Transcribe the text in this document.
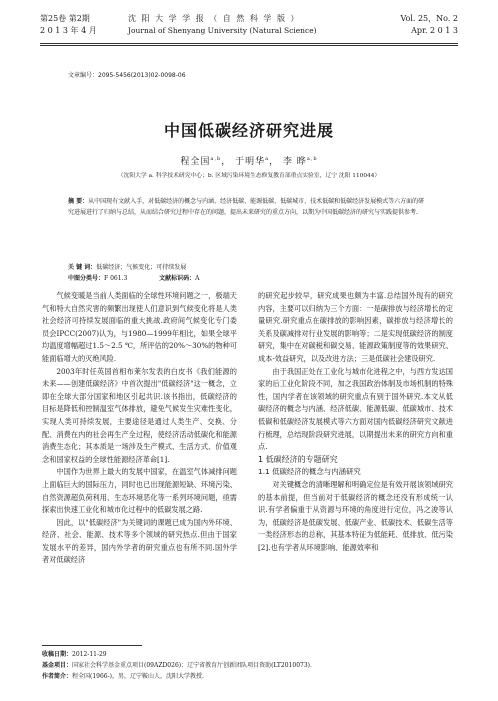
第25卷 第2期
2 0 1 3 年 4 月
沈 阳 大 学 学 报 （ 自 然 科 学 版 ）
Journal of Shenyang University (Natural Science)
Vol. 25，No. 2
Apr. 2 0 1 3
文章编号：2095-5456(2013)02-0098-06
中国低碳经济研究进展
程全国$^{a,b}$， 于明华$^a$， 李 晔$^{a,b}$
（沈阳大学 a. 科学技术研究中心；b. 区域污染环境生态修复教育部重点实验室，辽宁 沈阳 110044）
摘 要：从中国现有文献入手，对低碳经济的概念与内涵、经济低碳、能源低碳、低碳城市、技术低碳和低碳经济发展模式等六方面的研究进展进行了归纳与总结，从而结合研究过程中存在的问题，提出未来研究的重点方向，以期为中国低碳经济的研究与实践提供参考.
关 键 词：低碳经济；气候变化；可持续发展
中图分类号：F 061.3	文献标识码：A

气候变暖是当前人类面临的全球性环境问题之一，极端天气和特大自然灾害的频繁出现使人们意识到气候变化将是人类社会经济可持续发展面临的重大挑战.政府间气候变化专门委员会IPCC(2007)认为，与1980—1999年相比，如果全球平均温度增幅超过1.5～2.5 ℃，所评估的20%～30%的物种可能面临增大的灭绝风险.

2003年时任英国首相布莱尔发表的白皮书《我们能源的未来——创建低碳经济》中首次提出"低碳经济"这一概念，立即在全球大部分国家和地区引起共识.该书指出，低碳经济的目标是降低和控制温室气体排放，避免气候发生灾难性变化，实现人类可持续发展，主要途径是通过人类生产、交换、分配、消费在内的社会再生产全过程，使经济活动低碳化和能源消费生态化；其本质是一场涉及生产模式、生活方式、价值观念和国家权益的全球性能源经济革命[1].

中国作为世界上最大的发展中国家，在温室气体减排问题上面临巨大的国际压力，同时也已出现能源短缺、环境污染、自然资源超负荷利用、生态环境恶化等一系列环境问题，亟需探索出快速工业化和城市化过程中的低碳发展之路.

因此，以"低碳经济"为关键词的课题已成为国内外环境、经济、社会、能源、技术等多个领域的研究热点.但由于国家发展水平的差异，国内外学者的研究重点也有所不同.国外学者对低碳经济

的研究起步较早，研究成果也颇为丰富.总结国外现有的研究内容，主要可以归纳为三个方面：一是碳排放与经济增长的定量研究.研究重点在碳排放的影响因素，碳排放与经济增长的关系及碳减排对行业发展的影响等；二是实现低碳经济的制度研究，集中在对碳税和碳交易、能源政策制度等的效果研究、成本-效益研究，以及改进方法；三是低碳社会建设研究.

由于我国正处在工业化与城市化进程之中，与西方发达国家的后工业化阶段不同，加之我国政治体制及市场机制的特殊性，国内学者在该领域的研究重点有别于国外研究.本文从低碳经济的概念与内涵、经济低碳、能源低碳、低碳城市、技术低碳和低碳经济发展模式等六方面对国内低碳经济研究文献进行梳理，总结现阶段研究进展，以期提出未来的研究方向和重点.

1 低碳经济的专题研究

1.1 低碳经济的概念与内涵研究

对关键概念的清晰理解和明确定位是有效开展该领域研究的基本前提，但当前对于低碳经济的概念还没有形成统一认识.有学者偏重于从资源与环境的角度进行定位，冯之浚等认为，低碳经济是低碳发展、低碳产业、低碳技术、低碳生活等一类经济形态的总称，其基本特征为低能耗、低排放、低污染[2].也有学者从环境影响、能源效率和

收稿日期：2012-11-29
基金项目：国家社会科学基金重点项目(09AZD026)；辽宁省教育厅创新团队项目资助(LT2010073).
作者简介：程全国(1966-)，男，辽宁鞍山人，沈阳大学教授.
